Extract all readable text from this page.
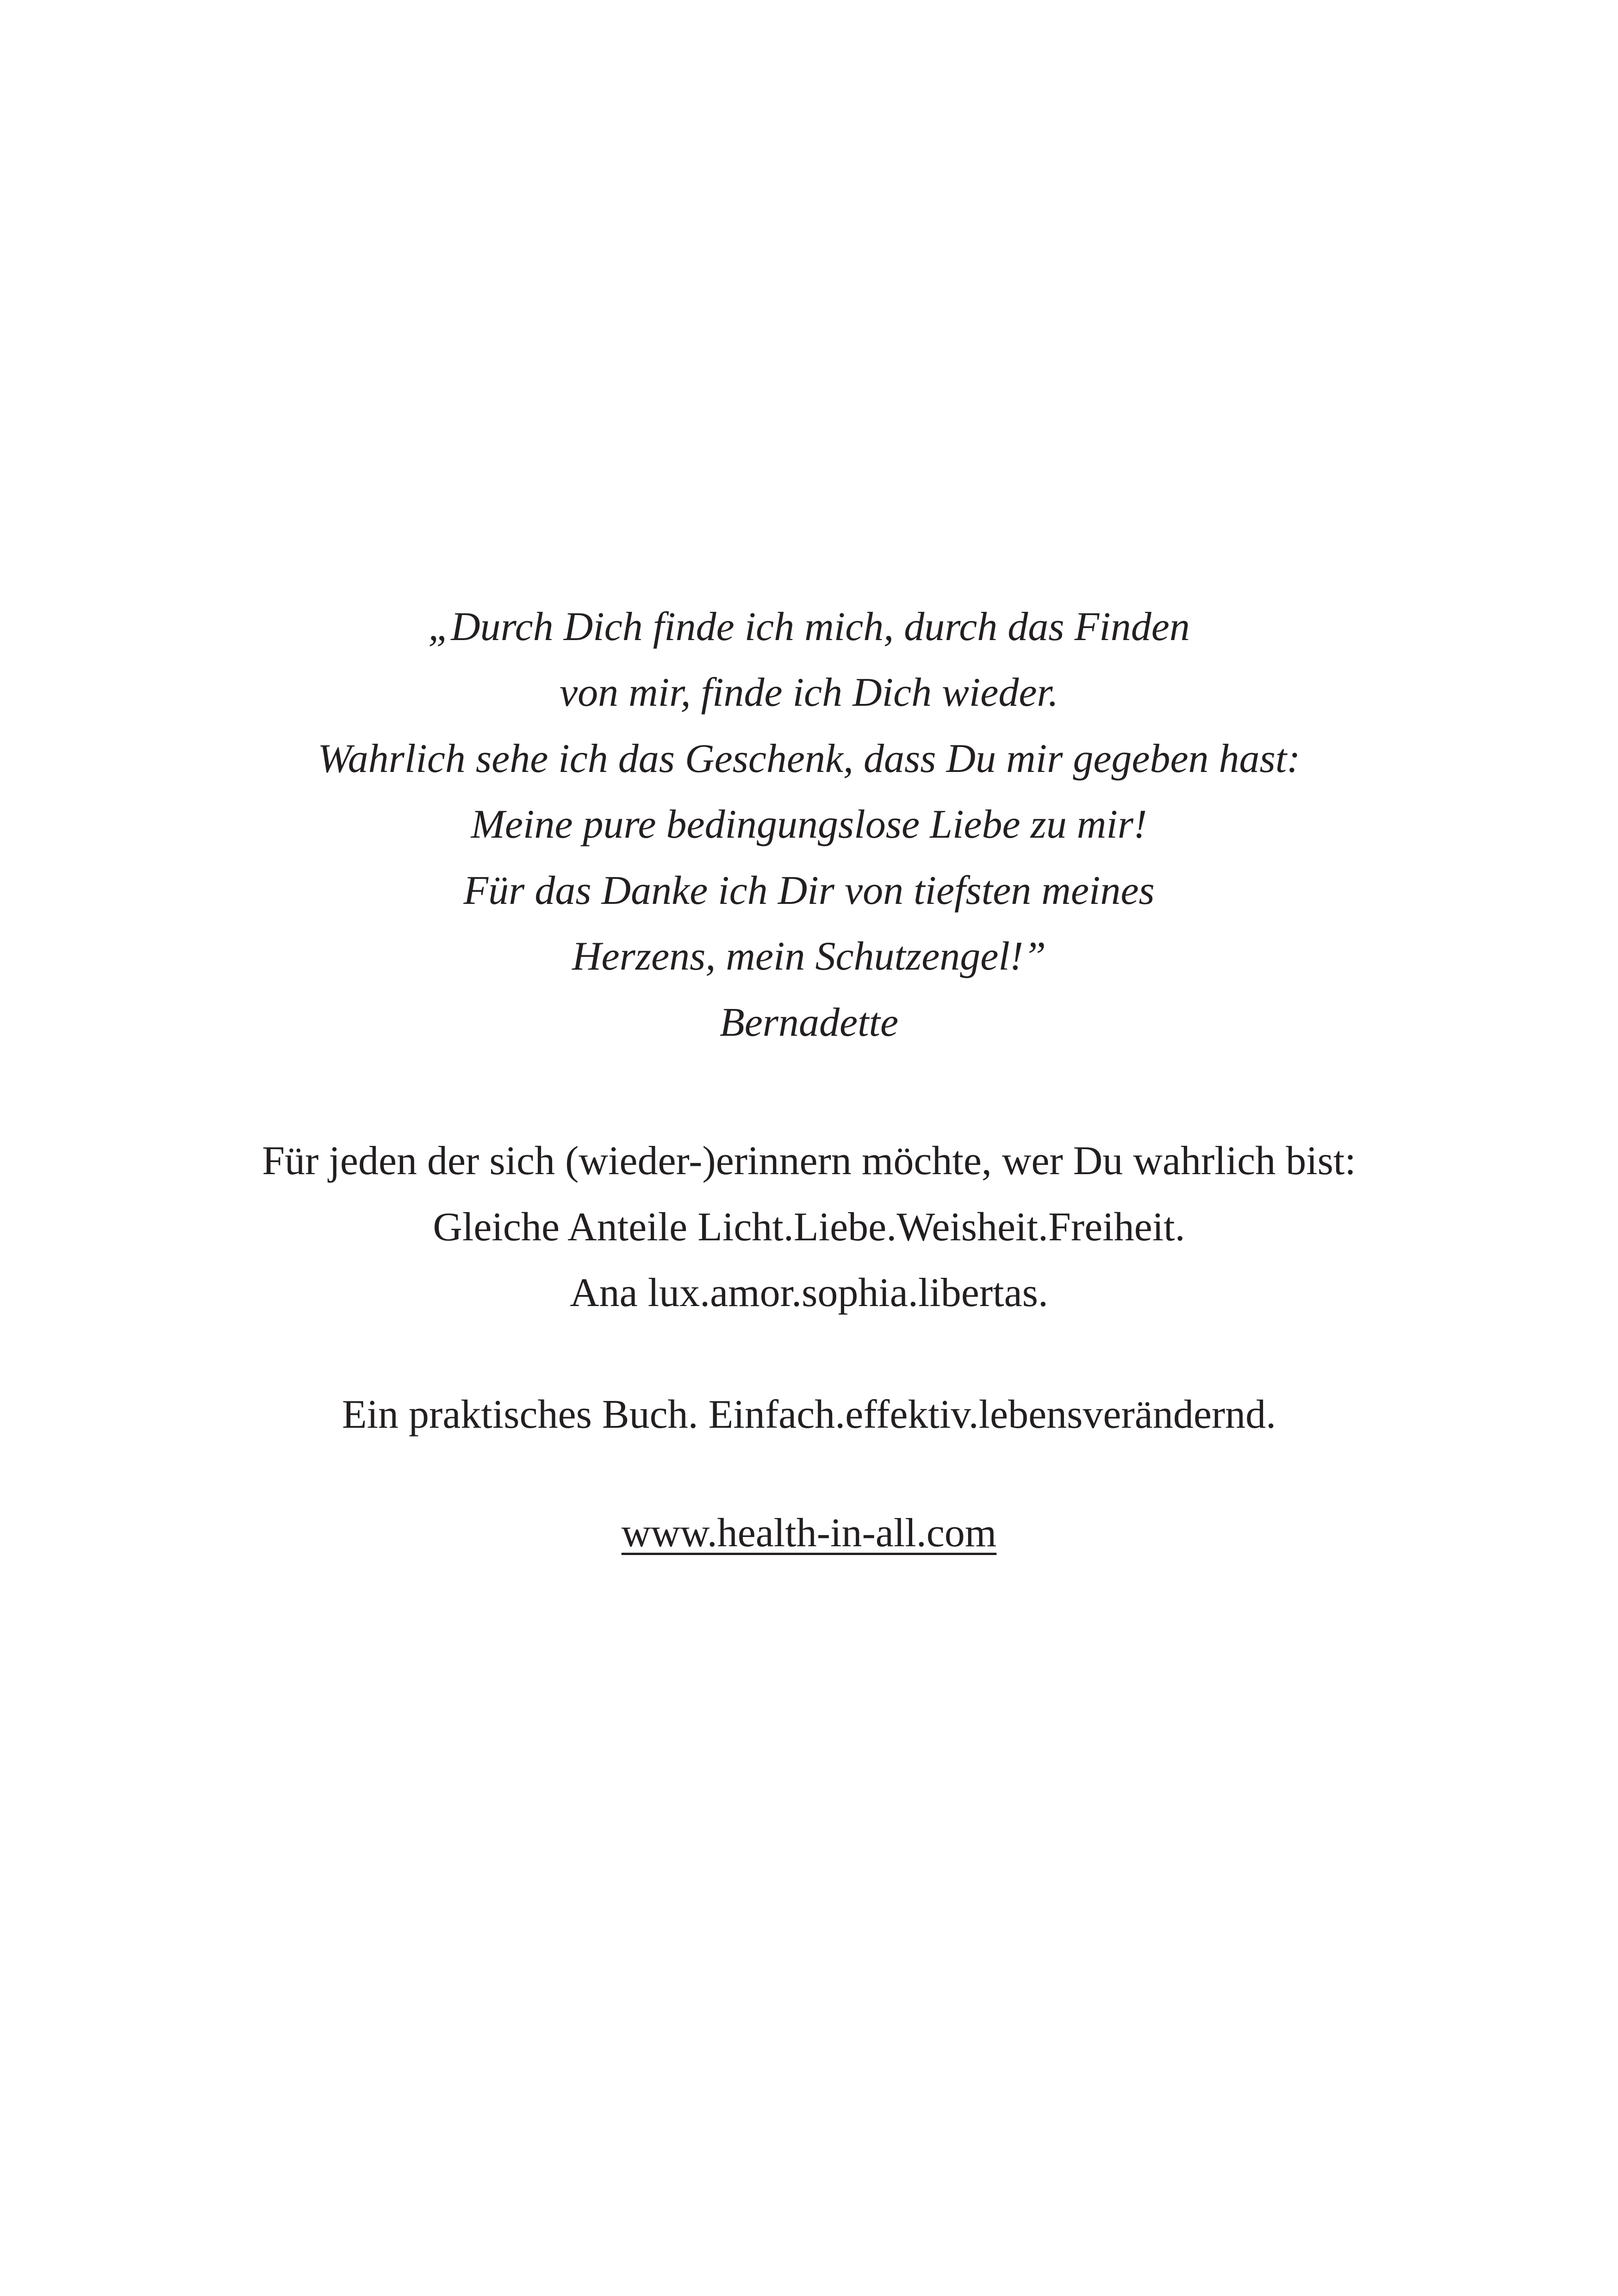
„Durch Dich finde ich mich, durch das Finden
von mir, finde ich Dich wieder.
Wahrlich sehe ich das Geschenk, dass Du mir gegeben hast:
Meine pure bedingungslose Liebe zu mir!
Für das Danke ich Dir von tiefsten meines
Herzens, mein Schutzengel!”
Bernadette
Für jeden der sich (wieder-)erinnern möchte, wer Du wahrlich bist:
Gleiche Anteile Licht.Liebe.Weisheit.Freiheit.
Ana lux.amor.sophia.libertas.
Ein praktisches Buch. Einfach.effektiv.lebensverändernd.
www.health-in-all.com
